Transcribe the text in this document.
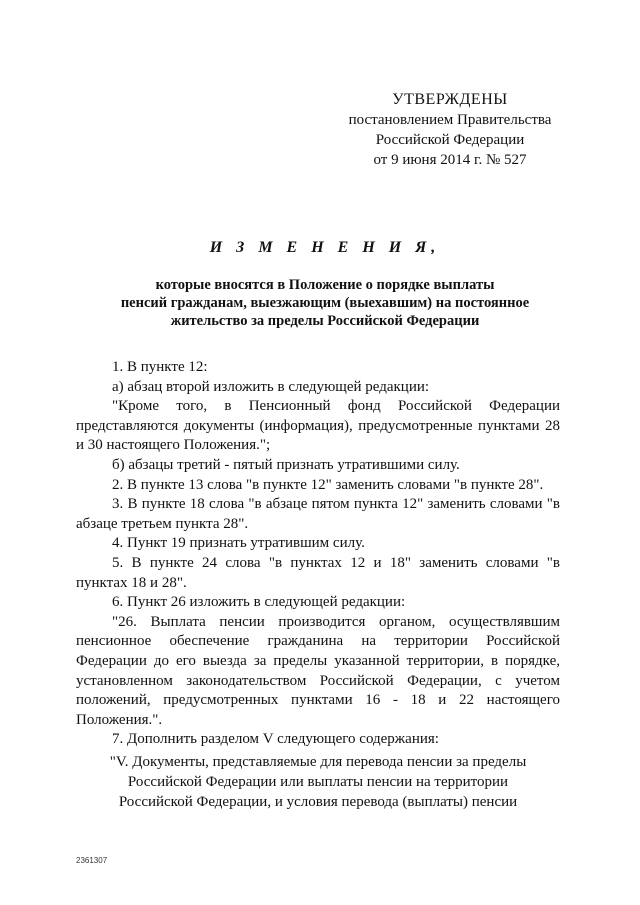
УТВЕРЖДЕНЫ
постановлением Правительства
Российской Федерации
от 9 июня 2014 г. № 527
И З М Е Н Е Н И Я,
которые вносятся в Положение о порядке выплаты
пенсий гражданам, выезжающим (выехавшим) на постоянное
жительство за пределы Российской Федерации

1. В пункте 12:

а) абзац второй изложить в следующей редакции:

"Кроме того, в Пенсионный фонд Российской Федерации представляются документы (информация), предусмотренные пунктами 28 и 30 настоящего Положения.";

б) абзацы третий - пятый признать утратившими силу.

2. В пункте 13 слова "в пункте 12" заменить словами "в пункте 28".

3. В пункте 18 слова "в абзаце пятом пункта 12" заменить словами "в абзаце третьем пункта 28".

4. Пункт 19 признать утратившим силу.

5. В пункте 24 слова "в пунктах 12 и 18" заменить словами "в пунктах 18 и 28".

6. Пункт 26 изложить в следующей редакции:

"26. Выплата пенсии производится органом, осуществлявшим пенсионное обеспечение гражданина на территории Российской Федерации до его выезда за пределы указанной территории, в порядке, установленном законодательством Российской Федерации, с учетом положений, предусмотренных пунктами 16 - 18 и 22 настоящего Положения.".

7. Дополнить разделом V следующего содержания:

"V. Документы, представляемые для перевода пенсии за пределы
Российской Федерации или выплаты пенсии на территории
Российской Федерации, и условия перевода (выплаты) пенсии
2361307
